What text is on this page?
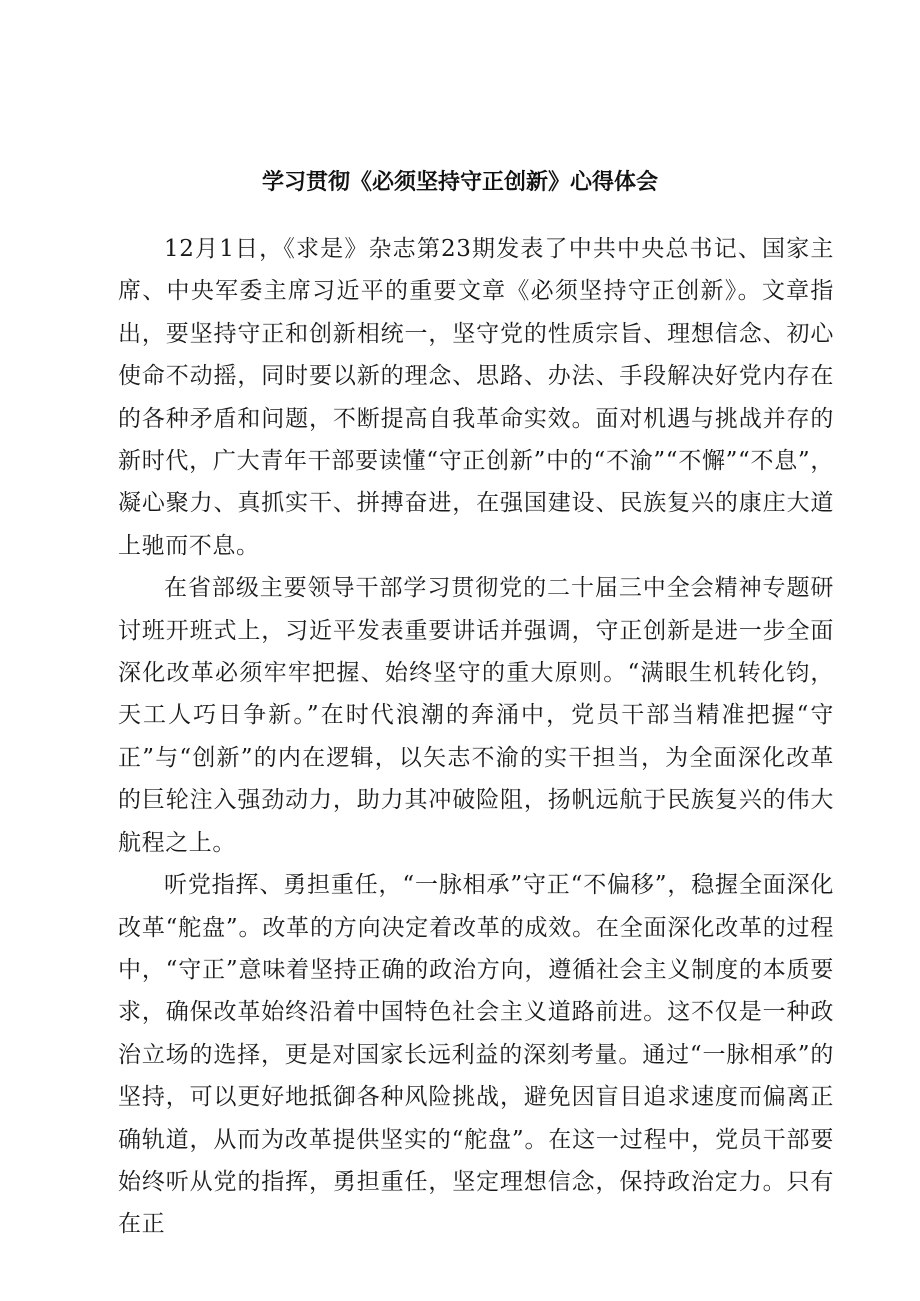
学习贯彻《必须坚持守正创新》心得体会

12月1日，《求是》杂志第23期发表了中共中央总书记、国家主席、中央军委主席习近平的重要文章《必须坚持守正创新》。文章指出，要坚持守正和创新相统一，坚守党的性质宗旨、理想信念、初心使命不动摇，同时要以新的理念、思路、办法、手段解决好党内存在的各种矛盾和问题，不断提高自我革命实效。面对机遇与挑战并存的新时代，广大青年干部要读懂“守正创新”中的“不渝”“不懈”“不息”，凝心聚力、真抓实干、拼搏奋进，在强国建设、民族复兴的康庄大道上驰而不息。

在省部级主要领导干部学习贯彻党的二十届三中全会精神专题研讨班开班式上，习近平发表重要讲话并强调，守正创新是进一步全面深化改革必须牢牢把握、始终坚守的重大原则。“满眼生机转化钧，天工人巧日争新。”在时代浪潮的奔涌中，党员干部当精准把握“守正”与“创新”的内在逻辑，以矢志不渝的实干担当，为全面深化改革的巨轮注入强劲动力，助力其冲破险阻，扬帆远航于民族复兴的伟大航程之上。

听党指挥、勇担重任，“一脉相承”守正“不偏移”，稳握全面深化改革“舵盘”。改革的方向决定着改革的成效。在全面深化改革的过程中，“守正”意味着坚持正确的政治方向，遵循社会主义制度的本质要求，确保改革始终沿着中国特色社会主义道路前进。这不仅是一种政治立场的选择，更是对国家长远利益的深刻考量。通过“一脉相承”的坚持，可以更好地抵御各种风险挑战，避免因盲目追求速度而偏离正确轨道，从而为改革提供坚实的“舵盘”。在这一过程中，党员干部要始终听从党的指挥，勇担重任，坚定理想信念，保持政治定力。只有在正
